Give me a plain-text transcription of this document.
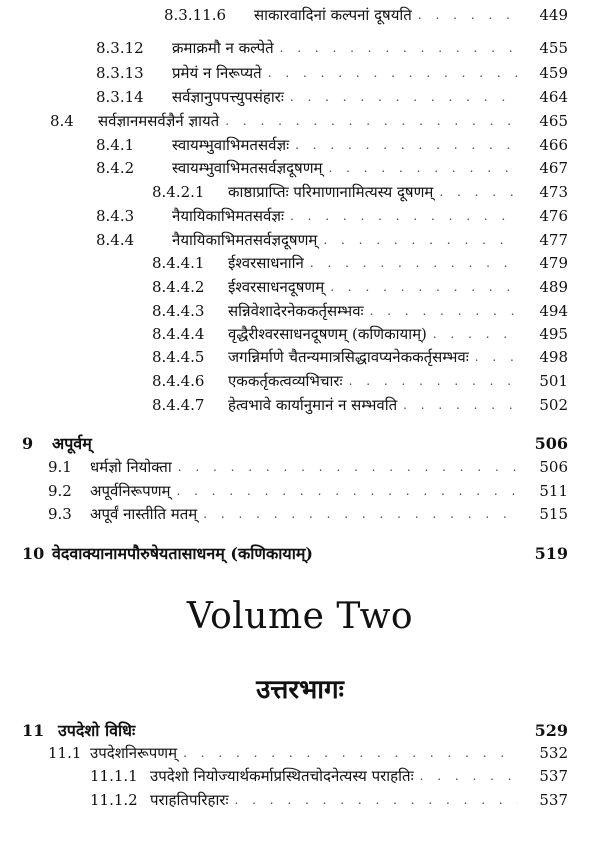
8.3.11.6	साकारवादिनां कल्पनां दूषयति . . .	449
8.3.12	क्रमाक्रमौ न कल्पेते . . .	455
8.3.13	प्रमेयं न निरूप्यते . . .	459
8.3.14	सर्वज्ञानुपपत्त्युपसंहारः . . .	464
8.4	सर्वज्ञानमसर्वज्ञैर्न ज्ञायते . . .	465
8.4.1	स्वायम्भुवाभिमतसर्वज्ञः . . .	466
8.4.2	स्वायम्भुवाभिमतसर्वज्ञदूषणम् . . .	467
8.4.2.1	काष्ठाप्राप्तिः परिमाणानामित्यस्य दूषणम् . . .	473
8.4.3	नैयायिकाभिमतसर्वज्ञः . . .	476
8.4.4	नैयायिकाभिमतसर्वज्ञदूषणम् . . .	477
8.4.4.1	ईश्वरसाधनानि . . .	479
8.4.4.2	ईश्वरसाधनदूषणम् . . .	489
8.4.4.3	सन्निवेशादेरनेककर्तृसम्भवः . . .	494
8.4.4.4	वृद्धैरीश्वरसाधनदूषणम् (कणिकायाम्) . . .	495
8.4.4.5	जगन्निर्माणे चैतन्यमात्रसिद्धावप्यनेककर्तृसम्भवः . . .	498
8.4.4.6	एककर्तृकत्वव्यभिचारः . . .	501
8.4.4.7	हेत्वभावे कार्यानुमानं न सम्भवति . . .	502
9	अपूर्वम्	506
9.1	धर्मज्ञो नियोक्ता . . .	506
9.2	अपूर्वनिरूपणम् . . .	511
9.3	अपूर्वं नास्तीति मतम् . . .	515
10 वेदवाक्यानामपौरुषेयतासाधनम् (कणिकायाम्)	519
Volume Two
उत्तरभागः
11 उपदेशो विधिः	529
11.1 उपदेशनिरूपणम् . . .	532
11.1.1 उपदेशो नियोज्यार्थकर्माप्रस्थितचोदनेत्यस्य पराहतिः . . .	537
11.1.2 पराहतिपरिहारः . . .	537
